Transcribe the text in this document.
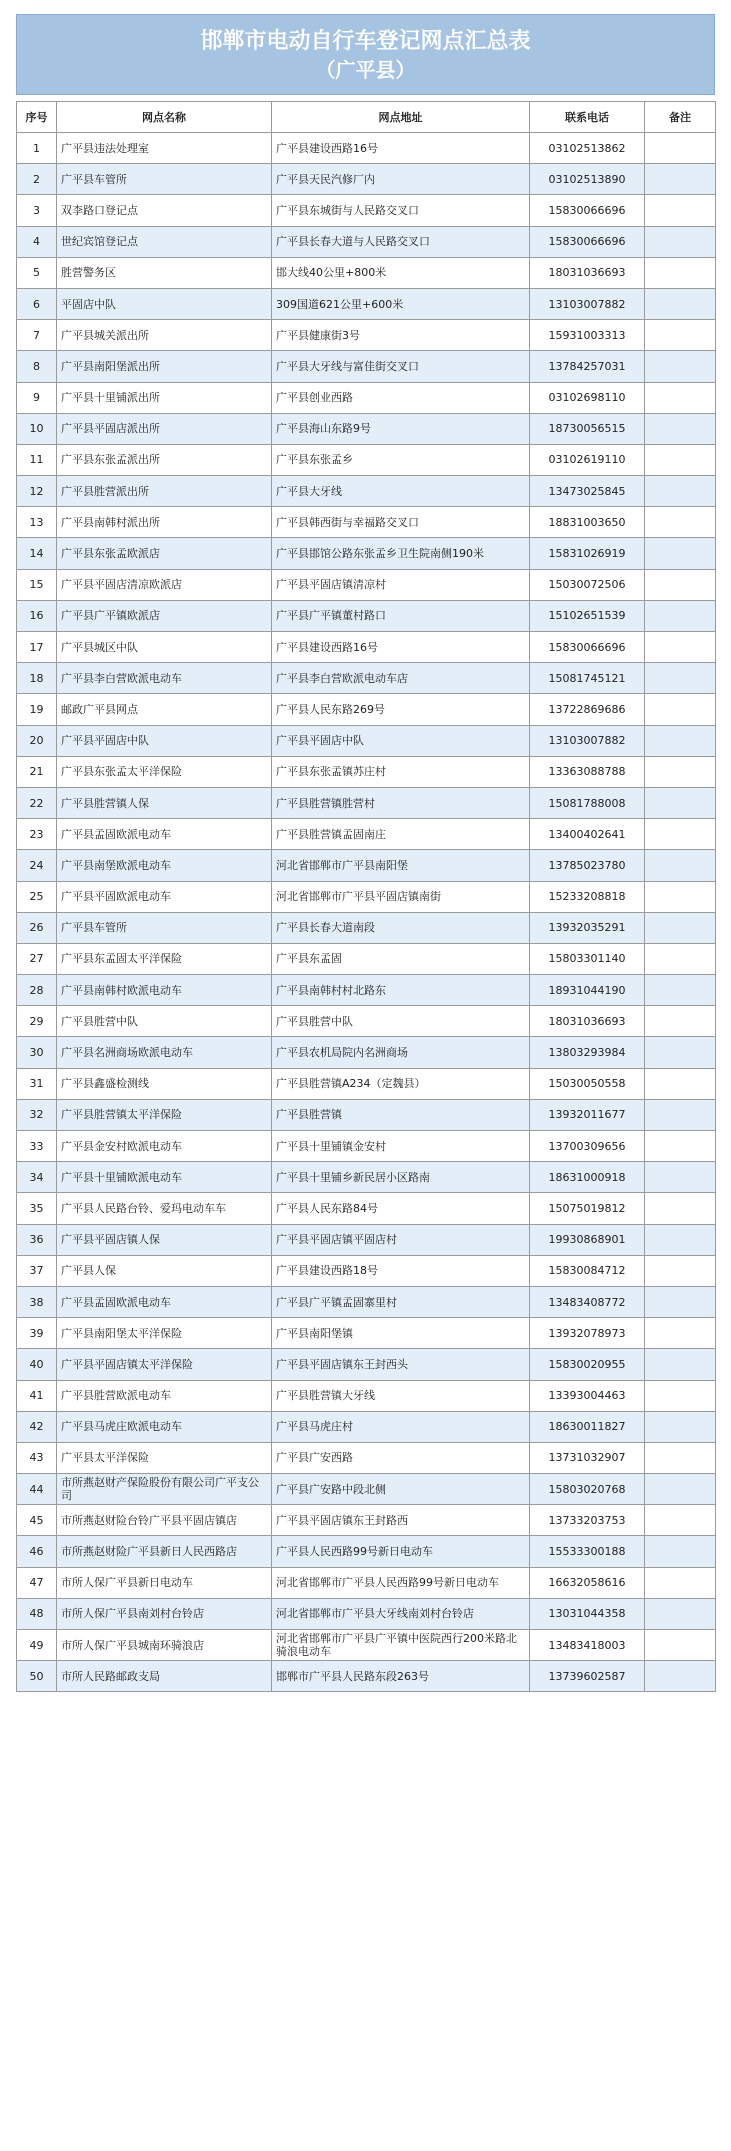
邯郸市电动自行车登记网点汇总表
（广平县）
序号	网点名称	网点地址	联系电话	备注
1	广平县违法处理室	广平县建设西路16号	03102513862	
2	广平县车管所	广平县天民汽修厂内	03102513890	
3	双李路口登记点	广平县东城街与人民路交叉口	15830066696	
4	世纪宾馆登记点	广平县长春大道与人民路交叉口	15830066696	
5	胜营警务区	邯大线40公里+800米	18031036693	
6	平固店中队	309国道621公里+600米	13103007882	
7	广平县城关派出所	广平县健康街3号	15931003313	
8	广平县南阳堡派出所	广平县大牙线与富佳街交叉口	13784257031	
9	广平县十里铺派出所	广平县创业西路	03102698110	
10	广平县平固店派出所	广平县海山东路9号	18730056515	
11	广平县东张孟派出所	广平县东张孟乡	03102619110	
12	广平县胜营派出所	广平县大牙线	13473025845	
13	广平县南韩村派出所	广平县韩西街与幸福路交叉口	18831003650	
14	广平县东张孟欧派店	广平县邯馆公路东张孟乡卫生院南侧190米	15831026919	
15	广平县平固店清凉欧派店	广平县平固店镇清凉村	15030072506	
16	广平县广平镇欧派店	广平县广平镇董村路口	15102651539	
17	广平县城区中队	广平县建设西路16号	15830066696	
18	广平县李白营欧派电动车	广平县李白营欧派电动车店	15081745121	
19	邮政广平县网点	广平县人民东路269号	13722869686	
20	广平县平固店中队	广平县平固店中队	13103007882	
21	广平县东张孟太平洋保险	广平县东张孟镇苏庄村	13363088788	
22	广平县胜营镇人保	广平县胜营镇胜营村	15081788008	
23	广平县孟固欧派电动车	广平县胜营镇孟固南庄	13400402641	
24	广平县南堡欧派电动车	河北省邯郸市广平县南阳堡	13785023780	
25	广平县平固欧派电动车	河北省邯郸市广平县平固店镇南街	15233208818	
26	广平县车管所	广平县长春大道南段	13932035291	
27	广平县东孟固太平洋保险	广平县东孟固	15803301140	
28	广平县南韩村欧派电动车	广平县南韩村村北路东	18931044190	
29	广平县胜营中队	广平县胜营中队	18031036693	
30	广平县名洲商场欧派电动车	广平县农机局院内名洲商场	13803293984	
31	广平县鑫盛检测线	广平县胜营镇A234（定魏县）	15030050558	
32	广平县胜营镇太平洋保险	广平县胜营镇	13932011677	
33	广平县金安村欧派电动车	广平县十里铺镇金安村	13700309656	
34	广平县十里铺欧派电动车	广平县十里铺乡新民居小区路南	18631000918	
35	广平县人民路台铃、爱玛电动车车	广平县人民东路84号	15075019812	
36	广平县平固店镇人保	广平县平固店镇平固店村	19930868901	
37	广平县人保	广平县建设西路18号	15830084712	
38	广平县孟固欧派电动车	广平县广平镇孟固寨里村	13483408772	
39	广平县南阳堡太平洋保险	广平县南阳堡镇	13932078973	
40	广平县平固店镇太平洋保险	广平县平固店镇东王封西头	15830020955	
41	广平县胜营欧派电动车	广平县胜营镇大牙线	13393004463	
42	广平县马虎庄欧派电动车	广平县马虎庄村	18630011827	
43	广平县太平洋保险	广平县广安西路	13731032907	
44	市所燕赵财产保险股份有限公司广平支公司	广平县广安路中段北侧	15803020768	
45	市所燕赵财险台铃广平县平固店镇店	广平县平固店镇东王封路西	13733203753	
46	市所燕赵财险广平县新日人民西路店	广平县人民西路99号新日电动车	15533300188	
47	市所人保广平县新日电动车	河北省邯郸市广平县人民西路99号新日电动车	16632058616	
48	市所人保广平县南刘村台铃店	河北省邯郸市广平县大牙线南刘村台铃店	13031044358	
49	市所人保广平县城南环骑浪店	河北省邯郸市广平县广平镇中医院西行200米路北骑浪电动车	13483418003	
50	市所人民路邮政支局	邯郸市广平县人民路东段263号	13739602587	
